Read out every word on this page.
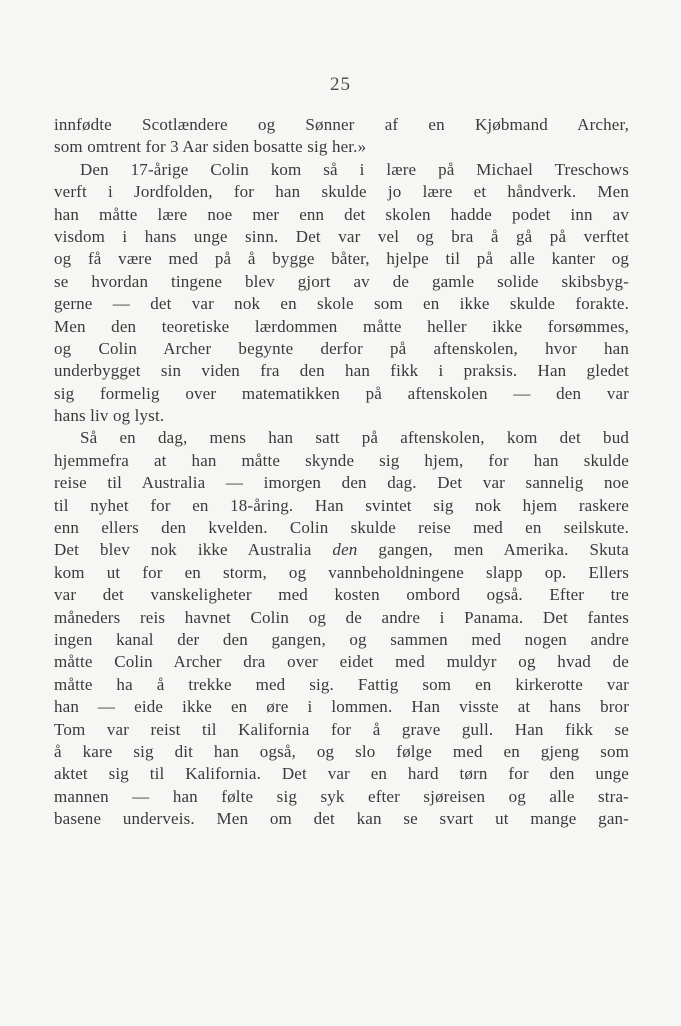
25
innfødte Scotlændere og Sønner af en Kjøbmand Archer,
som omtrent for 3 Aar siden bosatte sig her.»
Den 17-årige Colin kom så i lære på Michael Treschows
verft i Jordfolden, for han skulde jo lære et håndverk. Men
han måtte lære noe mer enn det skolen hadde podet inn av
visdom i hans unge sinn. Det var vel og bra å gå på verftet
og få være med på å bygge båter, hjelpe til på alle kanter og
se hvordan tingene blev gjort av de gamle solide skibsbyg-
gerne — det var nok en skole som en ikke skulde forakte.
Men den teoretiske lærdommen måtte heller ikke forsømmes,
og Colin Archer begynte derfor på aftenskolen, hvor han
underbygget sin viden fra den han fikk i praksis. Han gledet
sig formelig over matematikken på aftenskolen — den var
hans liv og lyst.
Så en dag, mens han satt på aftenskolen, kom det bud
hjemmefra at han måtte skynde sig hjem, for han skulde
reise til Australia — imorgen den dag. Det var sannelig noe
til nyhet for en 18-åring. Han svintet sig nok hjem raskere
enn ellers den kvelden. Colin skulde reise med en seilskute.
Det blev nok ikke Australia den gangen, men Amerika. Skuta
kom ut for en storm, og vannbeholdningene slapp op. Ellers
var det vanskeligheter med kosten ombord også. Efter tre
måneders reis havnet Colin og de andre i Panama. Det fantes
ingen kanal der den gangen, og sammen med nogen andre
måtte Colin Archer dra over eidet med muldyr og hvad de
måtte ha å trekke med sig. Fattig som en kirkerotte var
han — eide ikke en øre i lommen. Han visste at hans bror
Tom var reist til Kalifornia for å grave gull. Han fikk se
å kare sig dit han også, og slo følge med en gjeng som
aktet sig til Kalifornia. Det var en hard tørn for den unge
mannen — han følte sig syk efter sjøreisen og alle stra-
basene underveis. Men om det kan se svart ut mange gan-
